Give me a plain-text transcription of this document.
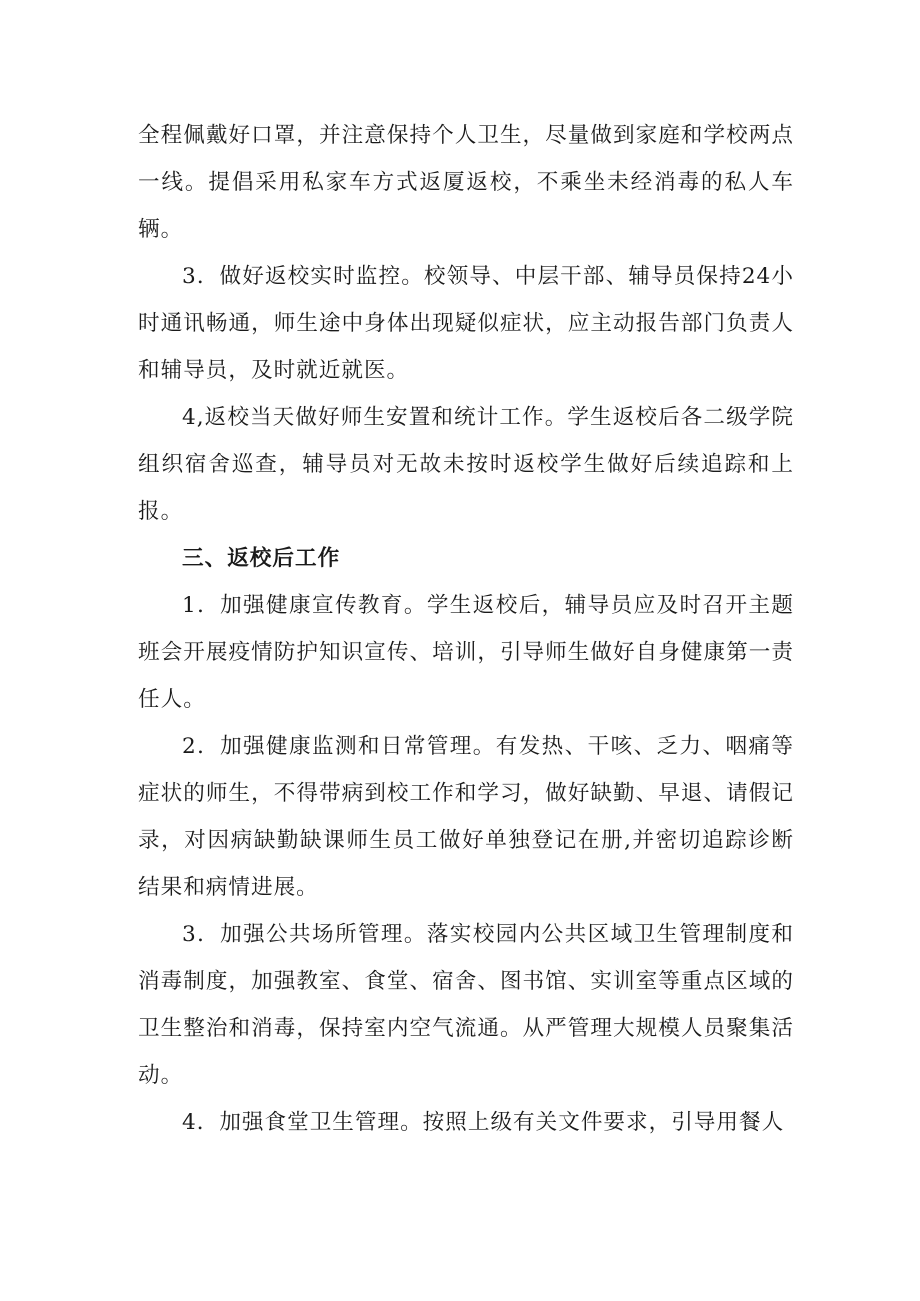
全程佩戴好口罩，并注意保持个人卫生，尽量做到家庭和学校两点一线。提倡采用私家车方式返厦返校，不乘坐未经消毒的私人车辆。

3．做好返校实时监控。校领导、中层干部、辅导员保持24小时通讯畅通，师生途中身体出现疑似症状，应主动报告部门负责人和辅导员，及时就近就医。

4,返校当天做好师生安置和统计工作。学生返校后各二级学院组织宿舍巡查，辅导员对无故未按时返校学生做好后续追踪和上报。

三、返校后工作

1．加强健康宣传教育。学生返校后，辅导员应及时召开主题班会开展疫情防护知识宣传、培训，引导师生做好自身健康第一责任人。

2．加强健康监测和日常管理。有发热、干咳、乏力、咽痛等症状的师生，不得带病到校工作和学习，做好缺勤、早退、请假记录，对因病缺勤缺课师生员工做好单独登记在册,并密切追踪诊断结果和病情进展。

3．加强公共场所管理。落实校园内公共区域卫生管理制度和消毒制度，加强教室、食堂、宿舍、图书馆、实训室等重点区域的卫生整治和消毒，保持室内空气流通。从严管理大规模人员聚集活动。

4．加强食堂卫生管理。按照上级有关文件要求，引导用餐人
